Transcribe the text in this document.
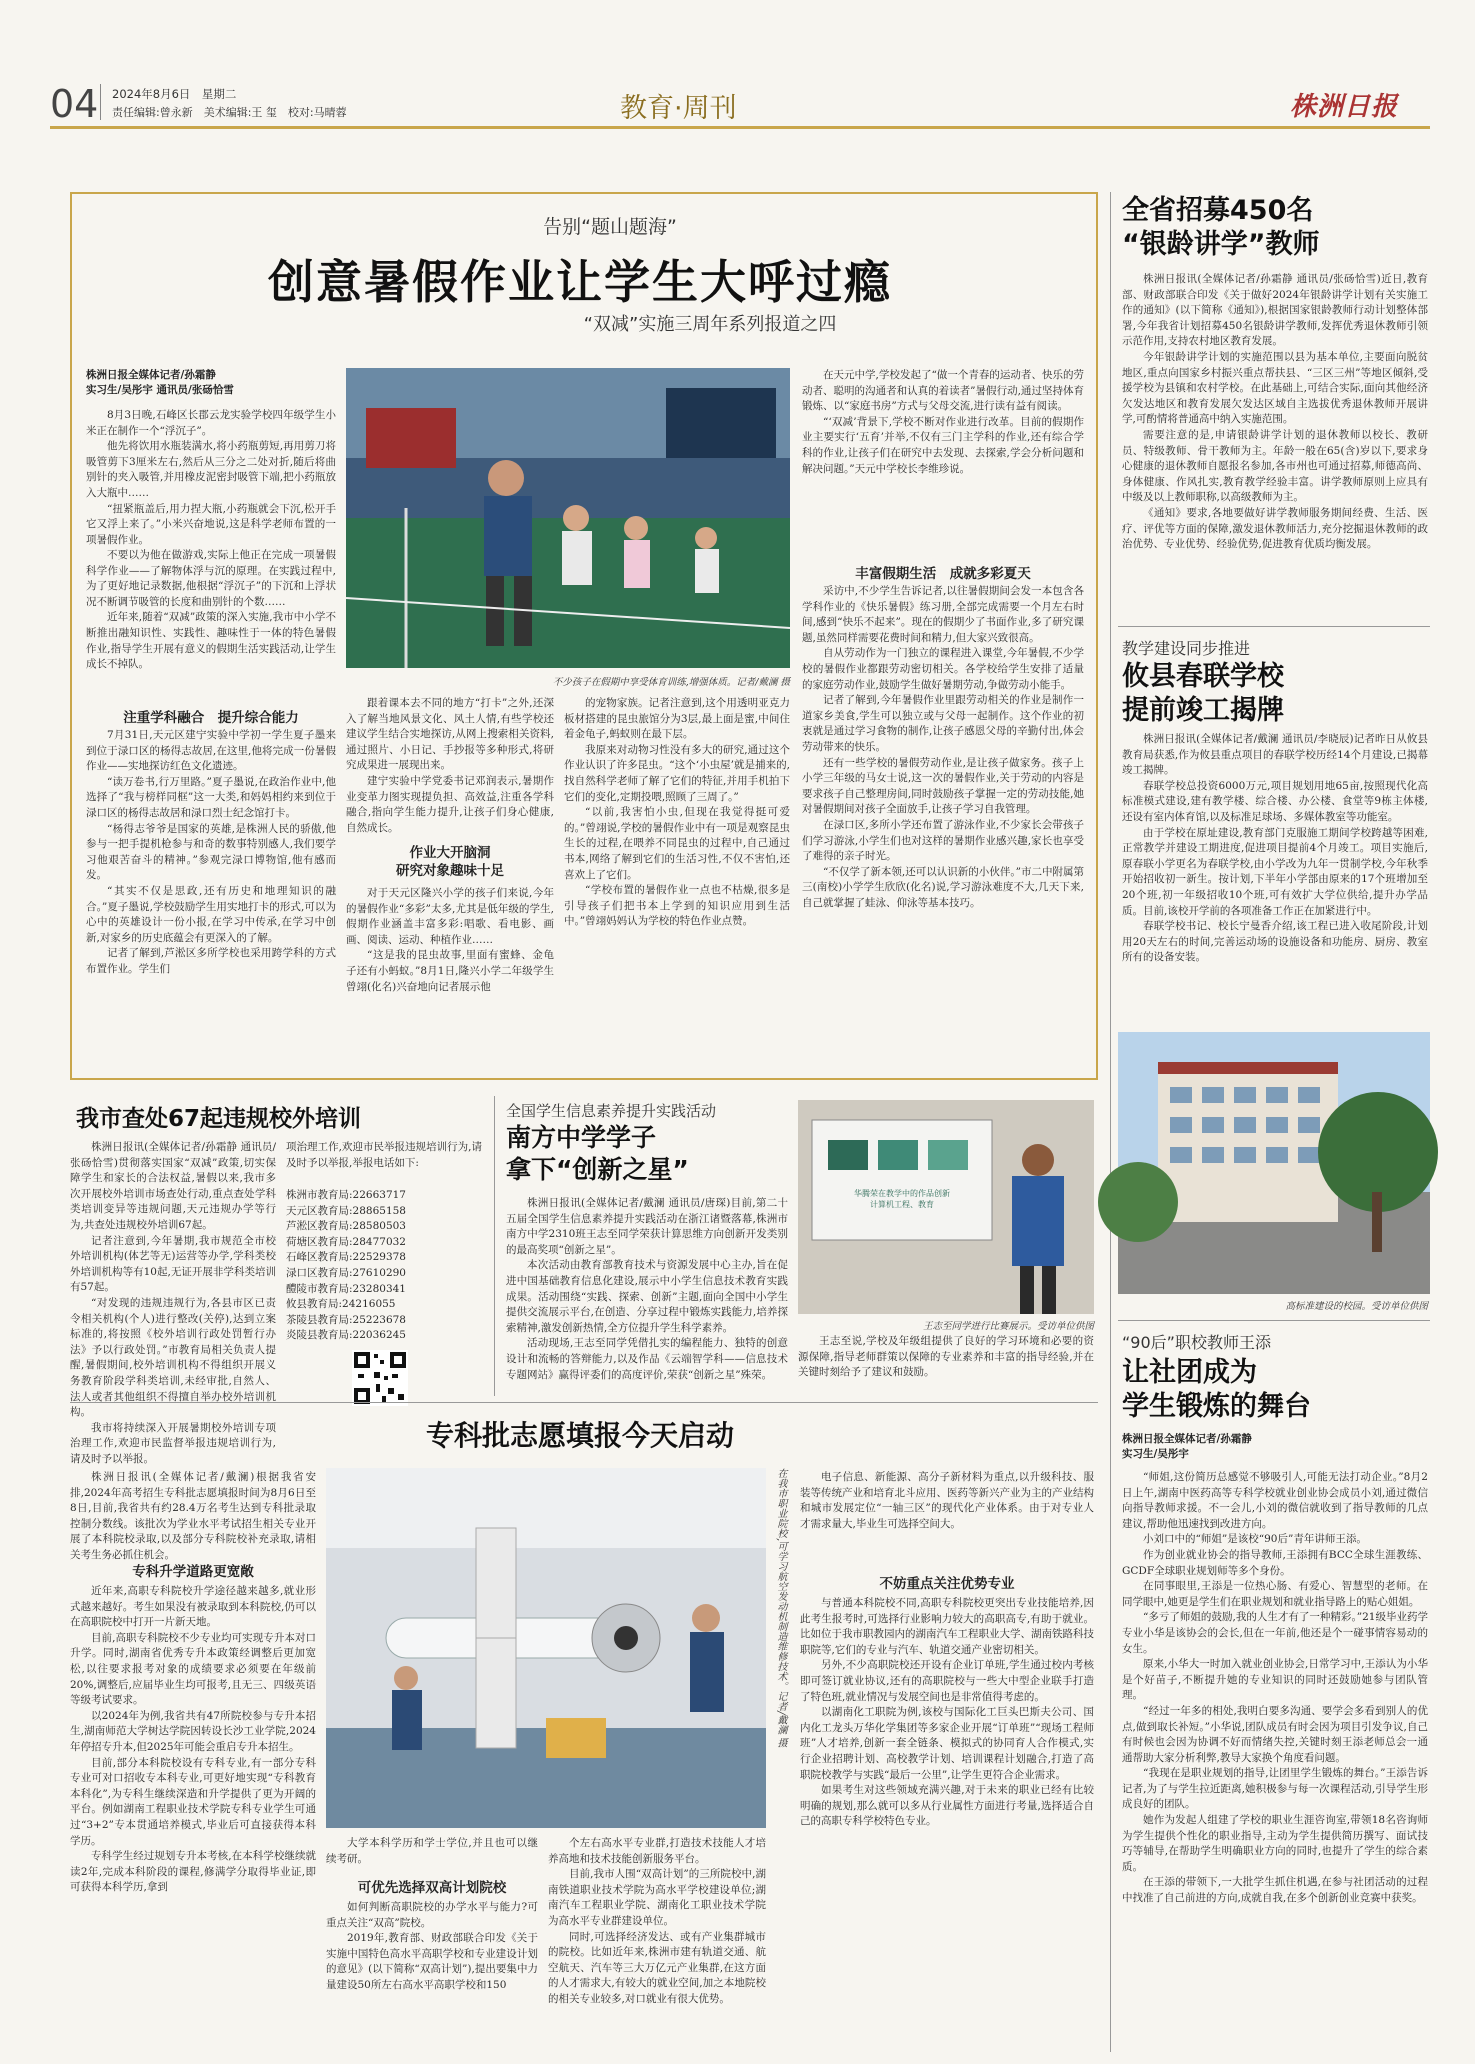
04 2024年8月6日　星期二
责任编辑:曾永新　美术编辑:王 玺　校对:马晴蓉	教育·周刊	株洲日报
告别“题山题海”
创意暑假作业让学生大呼过瘾
“双减”实施三周年系列报道之四
株洲日报全媒体记者/孙霜静
实习生/吴彤宇 通讯员/张砀恰雪

8月3日晚,石峰区长郡云龙实验学校四年级学生小米正在制作一个“浮沉子”。

他先将饮用水瓶装满水,将小药瓶剪短,再用剪刀将吸管剪下3厘米左右,然后从三分之二处对折,随后将曲别针的夹入吸管,并用橡皮泥密封吸管下端,把小药瓶放入大瓶中……

“扭紧瓶盖后,用力捏大瓶,小药瓶就会下沉,松开手它又浮上来了。”小米兴奋地说,这是科学老师布置的一项暑假作业。

不要以为他在做游戏,实际上他正在完成一项暑假科学作业——了解物体浮与沉的原理。在实践过程中,为了更好地记录数据,他根据“浮沉子”的下沉和上浮状况不断调节吸管的长度和曲别针的个数……

近年来,随着“双减”政策的深入实施,我市中小学不断推出融知识性、实践性、趣味性于一体的特色暑假作业,指导学生开展有意义的假期生活实践活动,让学生成长不掉队。

注重学科融合　提升综合能力

7月31日,天元区建宁实验中学初一学生夏子墨来到位于渌口区的杨得志故居,在这里,他将完成一份暑假作业——实地探访红色文化遗迹。

“读万卷书,行万里路。”夏子墨说,在政治作业中,他选择了“我与榜样同框”这一大类,和妈妈相约来到位于渌口区的杨得志故居和渌口烈士纪念馆打卡。

“杨得志爷爷是国家的英雄,是株洲人民的骄傲,他参与一把手提机枪参与和奇的数事特别感人,我们要学习他艰苦奋斗的精神。”参观完渌口博物馆,他有感而发。

“其实不仅是思政,还有历史和地理知识的融合。”夏子墨说,学校鼓励学生用实地打卡的形式,可以为心中的英雄设计一份小报,在学习中传承,在学习中创新,对家乡的历史底蕴会有更深入的了解。

记者了解到,芦淞区多所学校也采用跨学科的方式布置作业。学生们

不少孩子在假期中享受体育训练,增强体质。记者/戴澜 摄

跟着课本去不同的地方“打卡”之外,还深入了解当地风景文化、风土人情,有些学校还建议学生结合实地探访,从网上搜索相关资料,通过照片、小日记、手抄报等多种形式,将研究成果进一展现出来。

建宁实验中学党委书记邓润表示,暑期作业变革力图实现提负担、高效益,注重各学科融合,指向学生能力提升,让孩子们身心健康,自然成长。

作业大开脑洞
研究对象趣味十足

对于天元区隆兴小学的孩子们来说,今年的暑假作业“多彩”太多,尤其是低年级的学生,假期作业涵盖丰富多彩:唱歌、看电影、画画、阅读、运动、种植作业……

“这是我的昆虫故事,里面有蜜蜂、金龟子还有小蚂蚁。”8月1日,隆兴小学二年级学生曾翊(化名)兴奋地向记者展示他

的宠物家族。记者注意到,这个用透明亚克力板材搭建的昆虫旅馆分为3层,最上面是蜜,中间住着金龟子,蚂蚁则在最下层。

我原来对动物习性没有多大的研究,通过这个作业认识了许多昆虫。“这个‘小虫屋’就是捕来的,找自然科学老师了解了它们的特征,并用手机拍下它们的变化,定期投喂,照顾了三周了。”

“以前,我害怕小虫,但现在我觉得挺可爱的。”曾翊说,学校的暑假作业中有一项是观察昆虫生长的过程,在喂养不同昆虫的过程中,自己通过书本,网络了解到它们的生活习性,不仅不害怕,还喜欢上了它们。

“学校布置的暑假作业一点也不枯燥,很多是引导孩子们把书本上学到的知识应用到生活中。”曾翊妈妈认为学校的特色作业点赞。

在天元中学,学校发起了“做一个青春的运动者、快乐的劳动者、聪明的沟通者和认真的着读者”暑假行动,通过坚持体育锻炼、以“家庭书房”方式与父母交流,进行读有益有阅读。

“‘双减’背景下,学校不断对作业进行改革。目前的假期作业主要实行‘五育’并举,不仅有三门主学科的作业,还有综合学科的作业,让孩子们在研究中去发现、去探索,学会分析问题和解决问题。”天元中学校长李维珍说。

丰富假期生活　成就多彩夏天

采访中,不少学生告诉记者,以往暑假期间会发一本包含各学科作业的《快乐暑假》练习册,全部完成需要一个月左右时间,感到“快乐不起来”。现在的假期少了书面作业,多了研究课题,虽然同样需要花费时间和精力,但大家兴致很高。

自从劳动作为一门独立的课程进入课堂,今年暑假,不少学校的暑假作业都跟劳动密切相关。各学校给学生安排了适量的家庭劳动作业,鼓励学生做好暑期劳动,争做劳动小能手。

记者了解到,今年暑假作业里跟劳动相关的作业是制作一道家乡美食,学生可以独立或与父母一起制作。这个作业的初衷就是通过学习食物的制作,让孩子感恩父母的辛勤付出,体会劳动带来的快乐。

还有一些学校的暑假劳动作业,是让孩子做家务。孩子上小学三年级的马女士说,这一次的暑假作业,关于劳动的内容是要求孩子自己整理房间,同时鼓励孩子掌握一定的劳动技能,她对暑假期间对孩子全面放手,让孩子学习自我管理。

在渌口区,多所小学还布置了游泳作业,不少家长会带孩子们学习游泳,小学生们也对这样的暑期作业感兴趣,家长也享受了难得的亲子时光。

“不仅学了新本领,还可以认识新的小伙伴。”市二中附属第三(南校)小学学生欣欣(化名)说,学习游泳难度不大,几天下来,自己就掌握了蛙泳、仰泳等基本技巧。

全省招募450名
“银龄讲学”教师

株洲日报讯(全媒体记者/孙霜静 通讯员/张砀恰雪)近日,教育部、财政部联合印发《关于做好2024年银龄讲学计划有关实施工作的通知》(以下简称《通知》),根据国家银龄教师行动计划整体部署,今年我省计划招募450名银龄讲学教师,发挥优秀退休教师引领示范作用,支持农村地区教育发展。

今年银龄讲学计划的实施范围以县为基本单位,主要面向脱贫地区,重点向国家乡村振兴重点帮扶县、“三区三州”等地区倾斜,受援学校为县镇和农村学校。在此基础上,可结合实际,面向其他经济欠发达地区和教育发展欠发达区域自主选拔优秀退休教师开展讲学,可酌情将普通高中纳入实施范围。

需要注意的是,申请银龄讲学计划的退休教师以校长、教研员、特级教师、骨干教师为主。年龄一般在65(含)岁以下,要求身心健康的退休教师自愿报名参加,各市州也可通过招募,师德高尚、身体健康、作风扎实,教育教学经验丰富。讲学教师原则上应具有中级及以上教师职称,以高级教师为主。

《通知》要求,各地要做好讲学教师服务期间经费、生活、医疗、评优等方面的保障,激发退休教师活力,充分挖掘退休教师的政治优势、专业优势、经验优势,促进教育优质均衡发展。

教学建设同步推进
攸县春联学校
提前竣工揭牌

株洲日报讯(全媒体记者/戴澜 通讯员/李晓辰)记者昨日从攸县教育局获悉,作为攸县重点项目的春联学校历经14个月建设,已揭幕竣工揭牌。

春联学校总投资6000万元,项目规划用地65亩,按照现代化高标准模式建设,建有教学楼、综合楼、办公楼、食堂等9栋主体楼,还设有室内体育馆,以及标准足球场、多媒体教室等功能室。

由于学校在原址建设,教育部门克服施工期间学校跨越等困难,正常教学并建设工期进度,促进项目提前4个月竣工。项目实施后,原春联小学更名为春联学校,由小学改为九年一贯制学校,今年秋季开始招收初一新生。按计划,下半年小学部由原来的17个班增加至20个班,初一年级招收10个班,可有效扩大学位供给,提升办学品质。目前,该校开学前的各项准备工作正在加紧进行中。

春联学校书记、校长宁曼香介绍,该工程已进入收尾阶段,计划用20天左右的时间,完善运动场的设施设备和功能房、厨房、教室所有的设备安装。

高标准建设的校园。受访单位供图
“90后”职校教师王添
让社团成为
学生锻炼的舞台
株洲日报全媒体记者/孙霜静
实习生/吴彤宇

“师姐,这份简历总感觉不够吸引人,可能无法打动企业。”8月2日上午,湖南中医药高等专科学校就业创业协会成员小刘,通过微信向指导教师求援。不一会儿,小刘的微信就收到了指导教师的几点建议,帮助他迅速找到改进方向。

小刘口中的“师姐”是该校“90后”青年讲师王添。

作为创业就业协会的指导教师,王添拥有BCC全球生涯教练、GCDF全球职业规划师等多个身份。

在同事眼里,王添是一位热心肠、有爱心、智慧型的老师。在同学眼中,她更是学生们在职业规划和就业指导路上的贴心姐姐。

“多亏了师姐的鼓励,我的人生才有了一种精彩。”21级毕业药学专业小华是该协会的会长,但在一年前,他还是个一碰事情容易动的女生。

原来,小华大一时加入就业创业协会,日常学习中,王添认为小华是个好苗子,不断提升她的专业知识的同时还鼓励她参与团队管理。

“经过一年多的相处,我明白要多沟通、要学会多看到别人的优点,做到取长补短。”小华说,团队成员有时会因为项目引发争议,自己有时候也会因为协调不好而情绪失控,关键时刻王添老师总会一通通帮助大家分析利弊,教导大家换个角度看问题。

“我现在是职业规划的指导,让团里学生锻炼的舞台。”王添告诉记者,为了与学生拉近距离,她积极参与每一次课程活动,引导学生形成良好的团队。

她作为发起人组建了学校的职业生涯咨询室,带领18名咨询师为学生提供个性化的职业指导,主动为学生提供简历撰写、面试技巧等辅导,在帮助学生明确职业方向的同时,也提升了学生的综合素质。

在王添的带领下,一大批学生抓住机遇,在参与社团活动的过程中找准了自己前进的方向,成就自我,在多个创新创业竞赛中获奖。

我市查处67起违规校外培训

株洲日报讯(全媒体记者/孙霜静 通讯员/张砀恰雪)贯彻落实国家“双减”政策,切实保障学生和家长的合法权益,暑假以来,我市多次开展校外培训市场查处行动,重点查处学科类培训变异等违规问题,天元违规办学等行为,共查处违规校外培训67起。

记者注意到,今年暑期,我市规范全市校外培训机构(体艺等无)运营等办学,学科类校外培训机构等有10起,无证开展非学科类培训有57起。

“对发现的违规违规行为,各县市区已责令相关机构(个人)进行整改(关停),达到立案标准的,将按照《校外培训行政处罚暂行办法》予以行政处罚。”市教育局相关负责人提醒,暑假期间,校外培训机构不得组织开展义务教育阶段学科类培训,未经审批,自然人、法人或者其他组织不得擅自举办校外培训机构。

我市将持续深入开展暑期校外培训专项治理工作,欢迎市民监督举报违规培训行为,请及时予以举报。

项治理工作,欢迎市民举报违规培训行为,请及时予以举报,举报电话如下:
株洲市教育局:22663717
天元区教育局:28865158
芦淞区教育局:28580503
荷塘区教育局:28477032
石峰区教育局:22529378
渌口区教育局:27610290
醴陵市教育局:23280341
攸县教育局:24216055
茶陵县教育局:25223678
炎陵县教育局:22036245
全国学生信息素养提升实践活动
南方中学学子
拿下“创新之星”

株洲日报讯(全媒体记者/戴澜 通讯员/唐琛)目前,第二十五届全国学生信息素养提升实践活动在浙江诸暨落幕,株洲市南方中学2310班王志至同学荣获计算思维方向创新开发类别的最高奖项“创新之星”。

本次活动由教育部教育技术与资源发展中心主办,旨在促进中国基础教育信息化建设,展示中小学生信息技术教育实践成果。活动围绕“实践、探索、创新”主题,面向全国中小学生提供交流展示平台,在创造、分享过程中锻炼实践能力,培养探索精神,激发创新热情,全方位提升学生科学素养。

活动现场,王志至同学凭借扎实的编程能力、独特的创意设计和流畅的答辩能力,以及作品《云端智学科——信息技术专题网站》赢得评委们的高度评价,荣获“创新之星”殊荣。

华腾荣在教学中的作品创新
计算机工程、教育
王志至同学进行比赛展示。受访单位供图

王志至说,学校及年级组提供了良好的学习环境和必要的资源保障,指导老师群策以保障的专业素养和丰富的指导经验,并在关键时刻给予了建议和鼓励。

专科批志愿填报今天启动

株洲日报讯(全媒体记者/戴澜)根据我省安排,2024年高考招生专科批志愿填报时间为8月6日至8日,目前,我省共有约28.4万名考生达到专科批录取控制分数线。该批次为学业水平考试招生相关专业开展了本科院校录取,以及部分专科院校补充录取,请相关考生务必抓住机会。

专科升学道路更宽敞

近年来,高职专科院校升学途径越来越多,就业形式越来越好。考生如果没有被录取到本科院校,仍可以在高职院校中打开一片新天地。

目前,高职专科院校不少专业均可实现专升本对口升学。同时,湖南省优秀专升本政策经调整后更加宽松,以往要求报考对象的成绩要求必须要在年级前20%,调整后,应届毕业生均可报考,且无三、四级英语等级考试要求。

以2024年为例,我省共有47所院校参与专升本招生,湖南师范大学树达学院因转设长沙工业学院,2024年停招专升本,但2025年可能会重启专升本招生。

目前,部分本科院校设有专科专业,有一部分专科专业可对口招收专本科专业,可更好地实现“专科教育本科化”,为专科生继续深造和升学提供了更为开阔的平台。例如湖南工程职业技术学院专科专业学生可通过“3+2”专本贯通培养模式,毕业后可直接获得本科学历。

专科学生经过规划专升本考核,在本科学校继续就读2年,完成本科阶段的课程,修满学分取得毕业证,即可获得本科学历,拿到

在我市职业院校,可学习航空发动机制造维修技术。记者/戴澜 摄

大学本科学历和学士学位,并且也可以继续考研。

可优先选择双高计划院校

如何判断高职院校的办学水平与能力?可重点关注“双高”院校。

2019年,教育部、财政部联合印发《关于实施中国特色高水平高职学校和专业建设计划的意见》(以下简称“双高计划”),提出要集中力量建设50所左右高水平高职学校和150

个左右高水平专业群,打造技术技能人才培养高地和技术技能创新服务平台。

目前,我市人围“双高计划”的三所院校中,湖南铁道职业技术学院为高水平学校建设单位;湖南汽车工程职业学院、湖南化工职业技术学院为高水平专业群建设单位。

同时,可选择经济发达、或有产业集群城市的院校。比如近年来,株洲市建有轨道交通、航空航天、汽车等三大万亿元产业集群,在这方面的人才需求大,有较大的就业空间,加之本地院校的相关专业较多,对口就业有很大优势。

电子信息、新能源、高分子新材料为重点,以升级科技、服装等传统产业和培育北斗应用、医药等新兴产业为主的产业结构和城市发展定位“一轴三区”的现代化产业体系。由于对专业人才需求量大,毕业生可选择空间大。

不妨重点关注优势专业

与普通本科院校不同,高职专科院校更突出专业技能培养,因此考生报考时,可选择行业影响力较大的高职高专,有助于就业。比如位于我市职教园内的湖南汽车工程职业大学、湖南铁路科技职院等,它们的专业与汽车、轨道交通产业密切相关。

另外,不少高职院校还开设有企业订单班,学生通过校内考核即可签订就业协议,还有的高职院校与一些大中型企业联手打造了特色班,就业情况与发展空间也是非常值得考虑的。

以湖南化工职院为例,该校与国际化工巨头巴斯夫公司、国内化工龙头万华化学集团等多家企业开展“订单班”“现场工程师班”人才培养,创新一套全链条、模拟式的协同育人合作模式,实行企业招聘计划、高校教学计划、培训课程计划融合,打造了高职院校教学与实践“最后一公里”,让学生更符合企业需求。

如果考生对这些领域充满兴趣,对于未来的职业已经有比较明确的规划,那么就可以多从行业属性方面进行考量,选择适合自己的高职专科学校特色专业。
